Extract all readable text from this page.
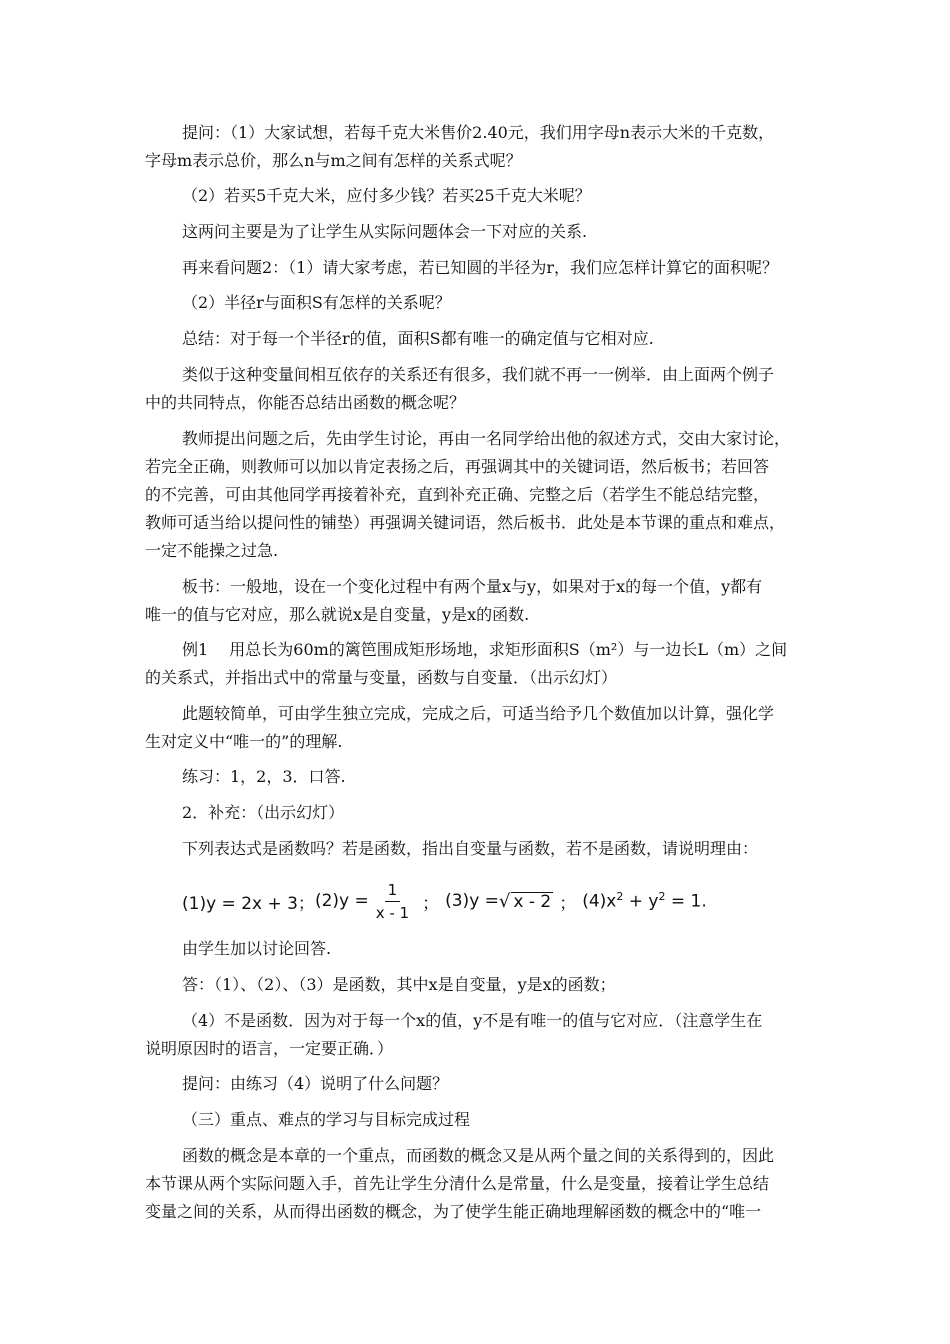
提问：（1）大家试想，若每千克大米售价2.40元，我们用字母n表示大米的千克数，
字母m表示总价，那么n与m之间有怎样的关系式呢？
（2）若买5千克大米，应付多少钱？若买25千克大米呢？
这两问主要是为了让学生从实际问题体会一下对应的关系.
再来看问题2：（1）请大家考虑，若已知圆的半径为r，我们应怎样计算它的面积呢？
（2）半径r与面积S有怎样的关系呢？
总结：对于每一个半径r的值，面积S都有唯一的确定值与它相对应.
类似于这种变量间相互依存的关系还有很多，我们就不再一一例举．由上面两个例子
中的共同特点，你能否总结出函数的概念呢？
教师提出问题之后，先由学生讨论，再由一名同学给出他的叙述方式，交由大家讨论，
若完全正确，则教师可以加以肯定表扬之后，再强调其中的关键词语，然后板书；若回答
的不完善，可由其他同学再接着补充，直到补充正确、完整之后（若学生不能总结完整，
教师可适当给以提问性的铺垫）再强调关键词语，然后板书．此处是本节课的重点和难点，
一定不能操之过急.
板书：一般地，设在一个变化过程中有两个量x与y，如果对于x的每一个值，y都有
唯一的值与它对应，那么就说x是自变量，y是x的函数.
例1　 用总长为60m的篱笆围成矩形场地，求矩形面积S（m²）与一边长L（m）之间
的关系式，并指出式中的常量与变量，函数与自变量．（出示幻灯）
此题较简单，可由学生独立完成，完成之后，可适当给予几个数值加以计算，强化学
生对定义中“唯一的”的理解.
练习：1，2，3．口答.
2．补充：（出示幻灯）
下列表达式是函数吗？若是函数，指出自变量与函数，若不是函数，请说明理由：
(1)y = 2x + 3； $(2)y = \frac{1}{x - 1}$ ； (3)y = √ x - 2 ； $(4)x^2 + y^2 = 1$.
由学生加以讨论回答.
答：（1）、（2）、（3）是函数，其中x是自变量，y是x的函数；
（4）不是函数．因为对于每一个x的值，y不是有唯一的值与它对应．（注意学生在
说明原因时的语言，一定要正确．）
提问：由练习（4）说明了什么问题？
（三）重点、难点的学习与目标完成过程
函数的概念是本章的一个重点，而函数的概念又是从两个量之间的关系得到的，因此
本节课从两个实际问题入手，首先让学生分清什么是常量，什么是变量，接着让学生总结
变量之间的关系，从而得出函数的概念，为了使学生能正确地理解函数的概念中的“唯一
